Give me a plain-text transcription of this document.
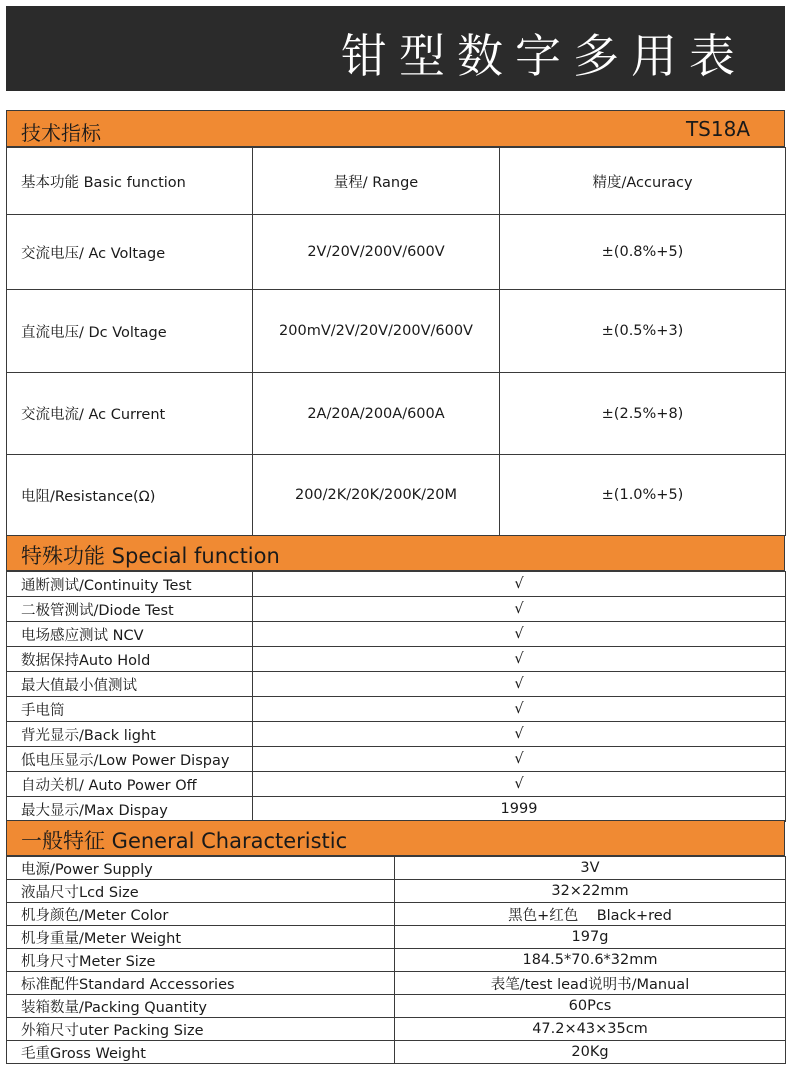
钳型数字多用表
技术指标	TS18A
基本功能 Basic function	量程/ Range	精度/Accuracy
交流电压/ Ac Voltage	2V/20V/200V/600V	±(0.8%+5)
直流电压/ Dc Voltage	200mV/2V/20V/200V/600V	±(0.5%+3)
交流电流/ Ac Current	2A/20A/200A/600A	±(2.5%+8)
电阻/Resistance(Ω)	200/2K/20K/200K/20M	±(1.0%+5)
特殊功能 Special function
通断测试/Continuity Test	√
二极管测试/Diode Test	√
电场感应测试 NCV	√
数据保持Auto Hold	√
最大值最小值测试	√
手电筒	√
背光显示/Back light	√
低电压显示/Low Power Dispay	√
自动关机/ Auto Power Off	√
最大显示/Max Dispay	1999
一般特征 General Characteristic
电源/Power Supply	3V
液晶尺寸Lcd Size	32×22mm
机身颜色/Meter Color	黑色+红色    Black+red
机身重量/Meter Weight	197g
机身尺寸Meter Size	184.5*70.6*32mm
标准配件Standard Accessories	表笔/test lead说明书/Manual
装箱数量/Packing Quantity	60Pcs
外箱尺寸uter Packing Size	47.2×43×35cm
毛重Gross Weight	20Kg
